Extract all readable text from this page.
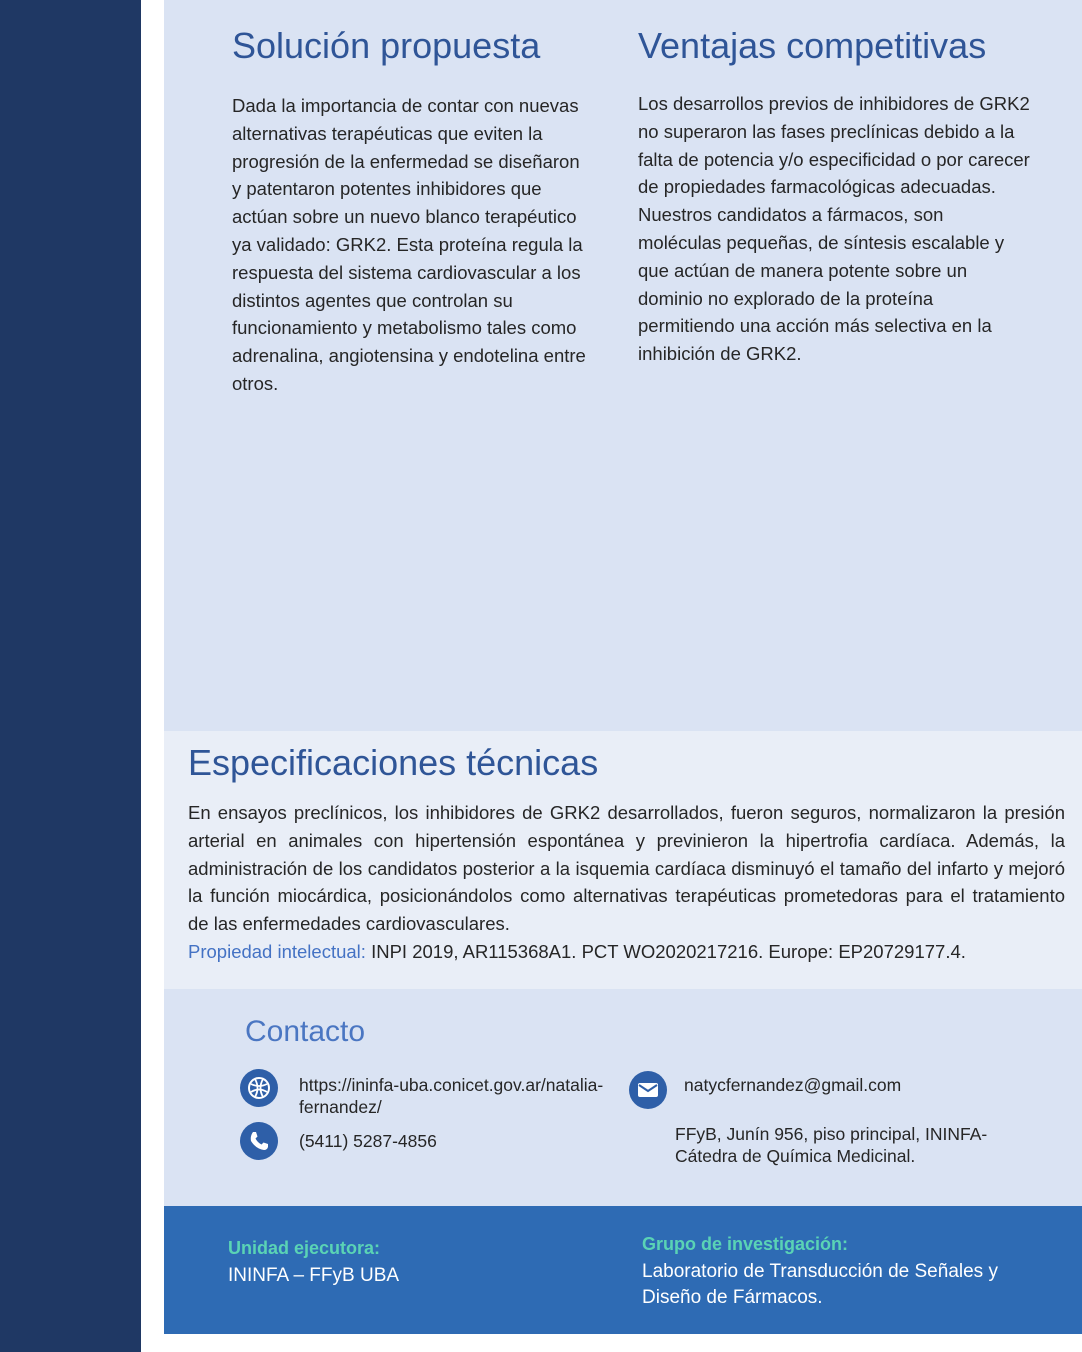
Solución propuesta

Dada la importancia de contar con nuevas alternativas terapéuticas que eviten la progresión de la enfermedad se diseñaron y patentaron potentes inhibidores que actúan sobre un nuevo blanco terapéutico ya validado: GRK2. Esta proteína regula la respuesta del sistema cardiovascular a los distintos agentes que controlan su funcionamiento y metabolismo tales como adrenalina, angiotensina y endotelina entre otros.

Ventajas competitivas

Los desarrollos previos de inhibidores de GRK2 no superaron las fases preclínicas debido a la falta de potencia y/o especificidad o por carecer de propiedades farmacológicas adecuadas. Nuestros candidatos a fármacos, son moléculas pequeñas, de síntesis escalable y que actúan de manera potente sobre un dominio no explorado de la proteína permitiendo una acción más selectiva en la inhibición de GRK2.

Especificaciones técnicas

En ensayos preclínicos, los inhibidores de GRK2 desarrollados, fueron seguros, normalizaron la presión arterial en animales con hipertensión espontánea y previnieron la hipertrofia cardíaca. Además, la administración de los candidatos posterior a la isquemia cardíaca disminuyó el tamaño del infarto y mejoró la función miocárdica, posicionándolos como alternativas terapéuticas prometedoras para el tratamiento de las enfermedades cardiovasculares.

Propiedad intelectual: INPI 2019, AR115368A1. PCT WO2020217216. Europe: EP20729177.4.

Contacto

https://ininfa-uba.conicet.gov.ar/natalia-fernandez/

(5411) 5287-4856

natycfernandez@gmail.com

FFyB, Junín 956, piso principal, ININFA-Cátedra de Química Medicinal.

Unidad ejecutora:

ININFA – FFyB UBA

Grupo de investigación:

Laboratorio de Transducción de Señales y Diseño de Fármacos.
